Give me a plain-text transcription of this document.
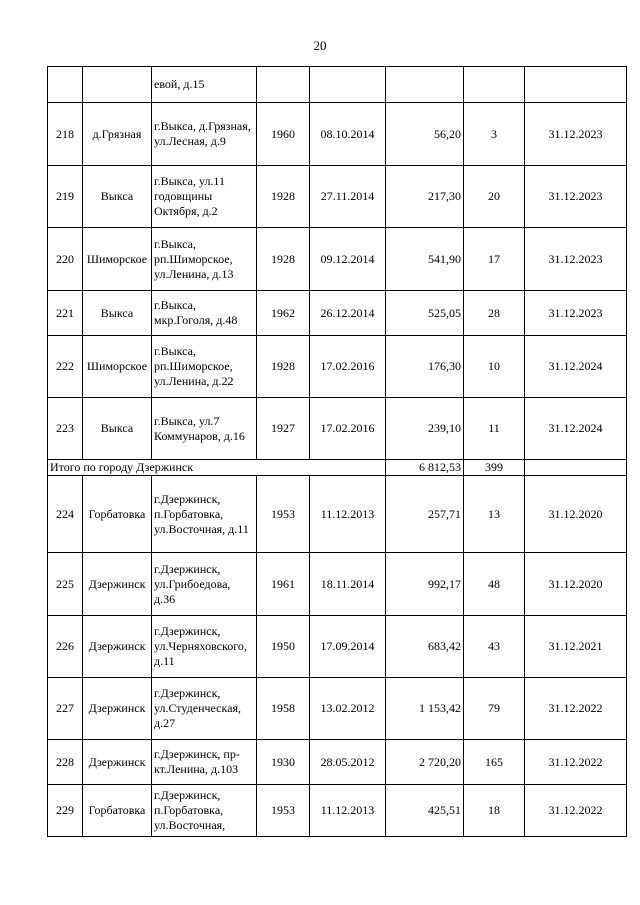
20
		евой, д.15					
218	д.Грязная	г.Выкса, д.Грязная, ул.Лесная, д.9	1960	08.10.2014	56,20	3	31.12.2023
219	Выкса	г.Выкса, ул.11 годовщины Октября, д.2	1928	27.11.2014	217,30	20	31.12.2023
220	Шиморское	г.Выкса, рп.Шиморское, ул.Ленина, д.13	1928	09.12.2014	541,90	17	31.12.2023
221	Выкса	г.Выкса, мкр.Гоголя, д.48	1962	26.12.2014	525,05	28	31.12.2023
222	Шиморское	г.Выкса, рп.Шиморское, ул.Ленина, д.22	1928	17.02.2016	176,30	10	31.12.2024
223	Выкса	г.Выкса, ул.7 Коммунаров, д.16	1927	17.02.2016	239,10	11	31.12.2024
Итого по городу Дзержинск					6 812,53	399	
224	Горбатовка	г.Дзержинск, п.Горбатовка, ул.Восточная, д.11	1953	11.12.2013	257,71	13	31.12.2020
225	Дзержинск	г.Дзержинск, ул.Грибоедова, д.36	1961	18.11.2014	992,17	48	31.12.2020
226	Дзержинск	г.Дзержинск, ул.Черняховского, д.11	1950	17.09.2014	683,42	43	31.12.2021
227	Дзержинск	г.Дзержинск, ул.Студенческая, д.27	1958	13.02.2012	1 153,42	79	31.12.2022
228	Дзержинск	г.Дзержинск, пр-кт.Ленина, д.103	1930	28.05.2012	2 720,20	165	31.12.2022
229	Горбатовка	г.Дзержинск, п.Горбатовка, ул.Восточная,	1953	11.12.2013	425,51	18	31.12.2022
